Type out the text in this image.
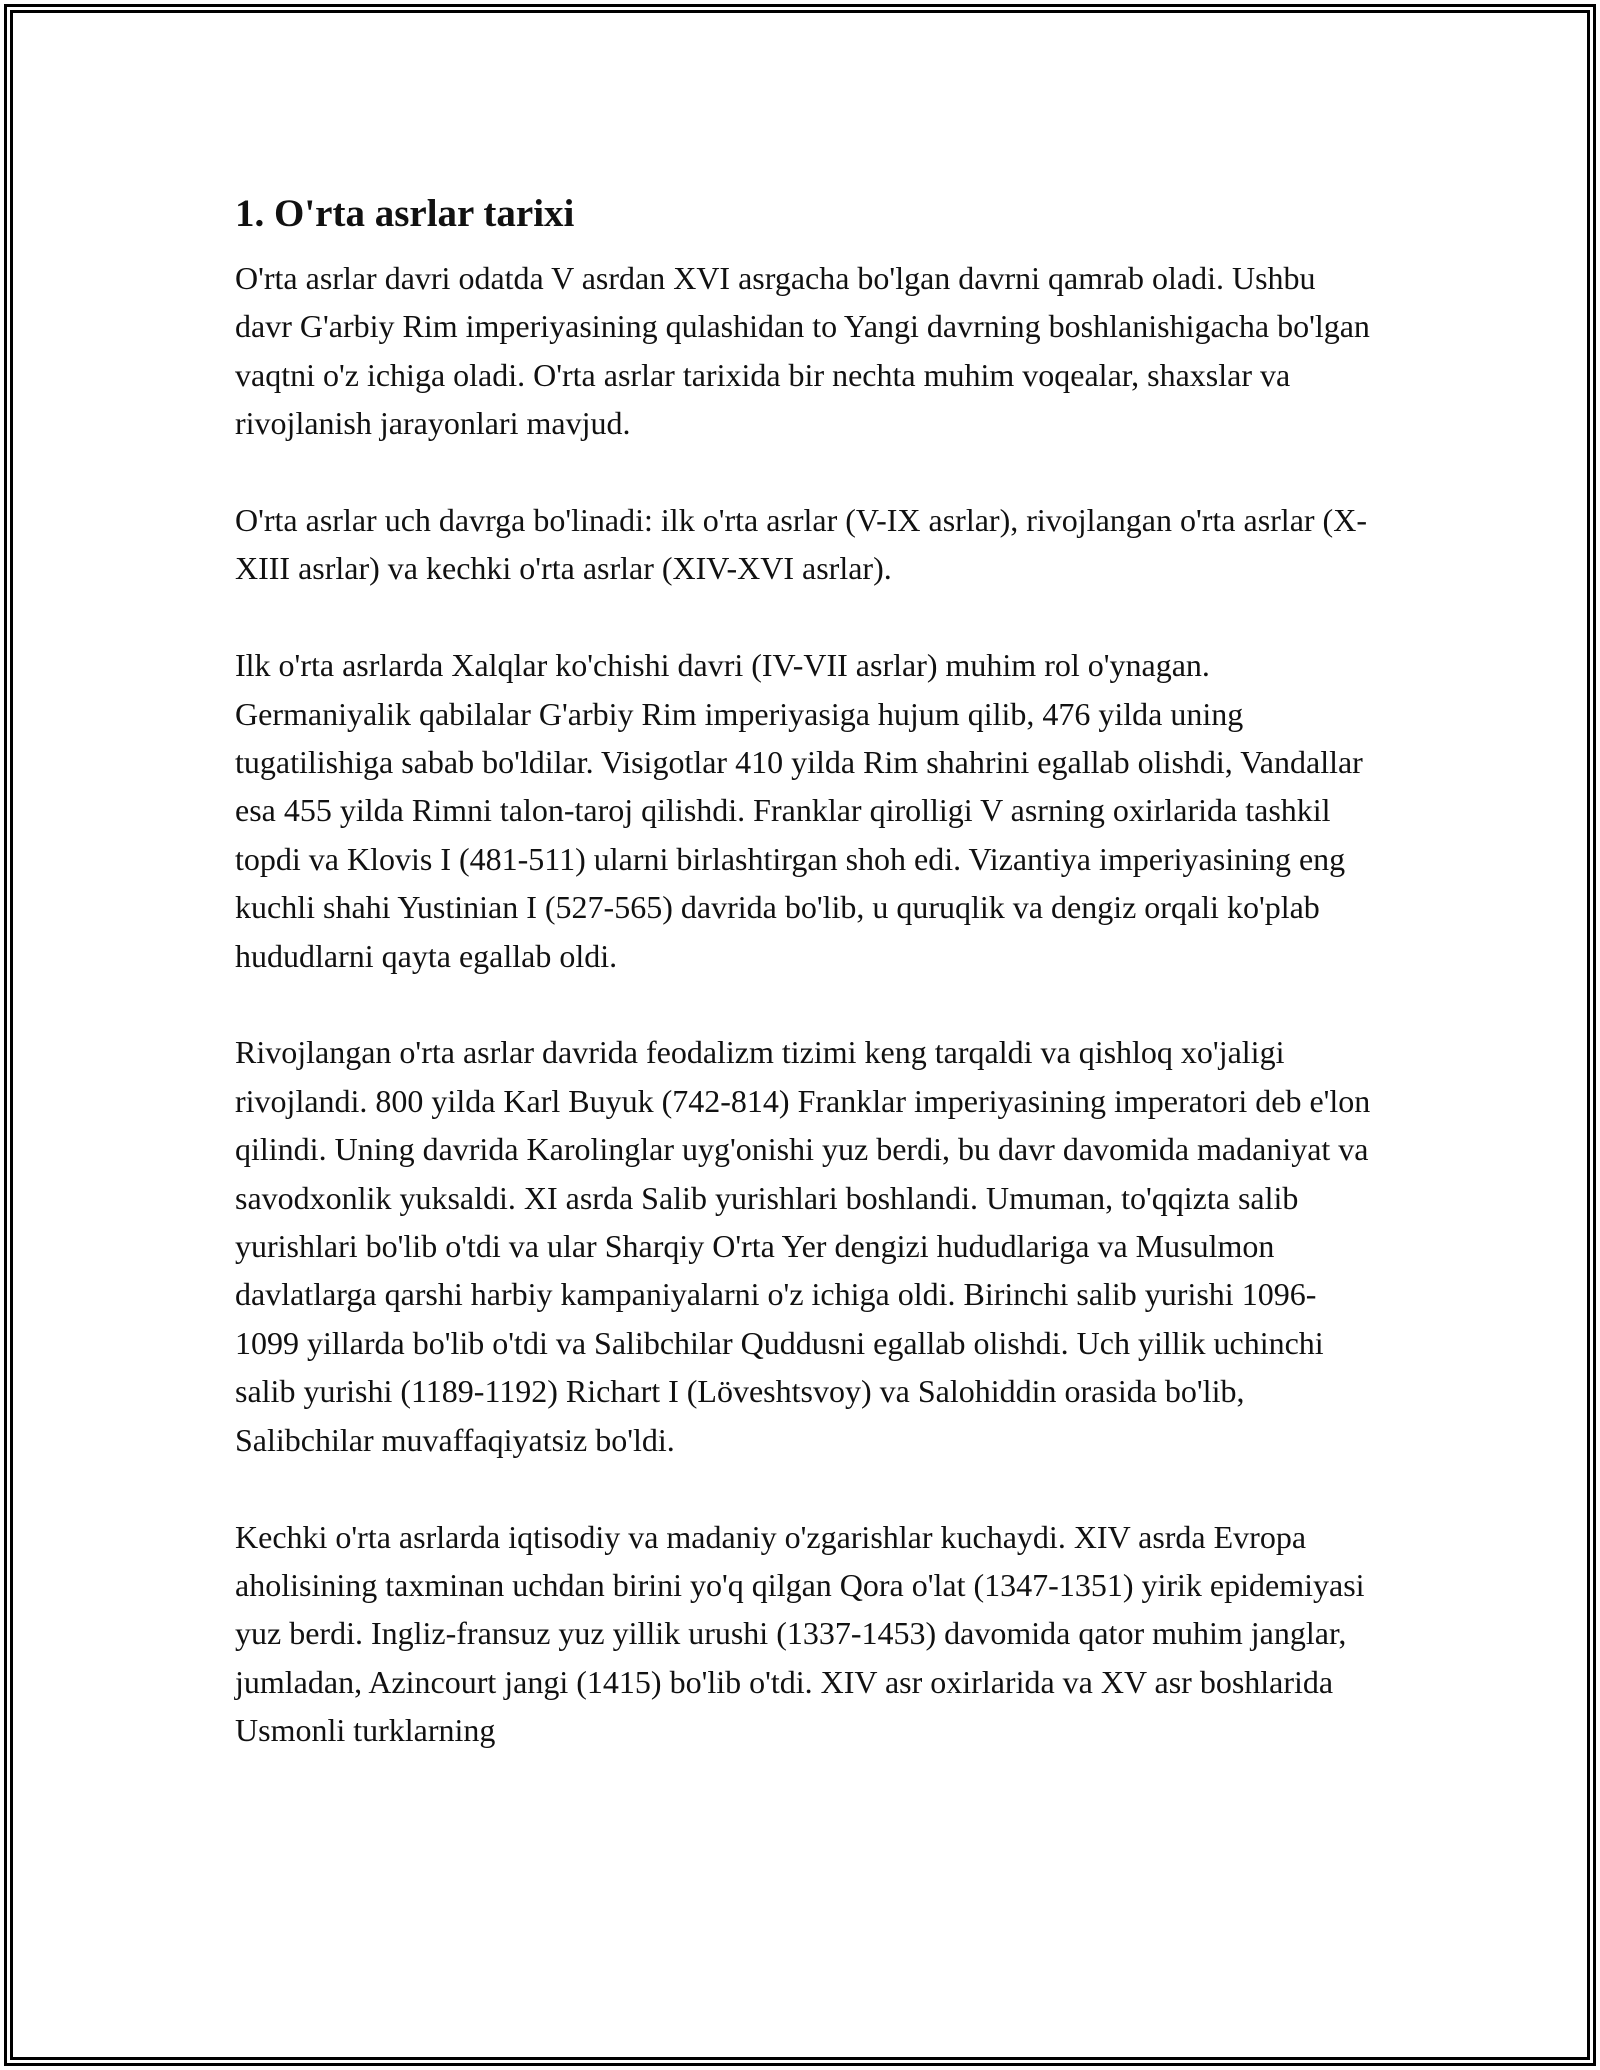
1. O'rta asrlar tarixi

O'rta asrlar davri odatda V asrdan XVI asrgacha bo'lgan davrni qamrab oladi. Ushbu davr G'arbiy Rim imperiyasining qulashidan to Yangi davrning boshlanishigacha bo'lgan vaqtni o'z ichiga oladi. O'rta asrlar tarixida bir nechta muhim voqealar, shaxslar va rivojlanish jarayonlari mavjud.

O'rta asrlar uch davrga bo'linadi: ilk o'rta asrlar (V-IX asrlar), rivojlangan o'rta asrlar (X-XIII asrlar) va kechki o'rta asrlar (XIV-XVI asrlar).

Ilk o'rta asrlarda Xalqlar ko'chishi davri (IV-VII asrlar) muhim rol o'ynagan. Germaniyalik qabilalar G'arbiy Rim imperiyasiga hujum qilib, 476 yilda uning tugatilishiga sabab bo'ldilar. Visigotlar 410 yilda Rim shahrini egallab olishdi, Vandallar esa 455 yilda Rimni talon-taroj qilishdi. Franklar qirolligi V asrning oxirlarida tashkil topdi va Klovis I (481-511) ularni birlashtirgan shoh edi. Vizantiya imperiyasining eng kuchli shahi Yustinian I (527-565) davrida bo'lib, u quruqlik va dengiz orqali ko'plab hududlarni qayta egallab oldi.

Rivojlangan o'rta asrlar davrida feodalizm tizimi keng tarqaldi va qishloq xo'jaligi rivojlandi. 800 yilda Karl Buyuk (742-814) Franklar imperiyasining imperatori deb e'lon qilindi. Uning davrida Karolinglar uyg'onishi yuz berdi, bu davr davomida madaniyat va savodxonlik yuksaldi. XI asrda Salib yurishlari boshlandi. Umuman, to'qqizta salib yurishlari bo'lib o'tdi va ular Sharqiy O'rta Yer dengizi hududlariga va Musulmon davlatlarga qarshi harbiy kampaniyalarni o'z ichiga oldi. Birinchi salib yurishi 1096-1099 yillarda bo'lib o'tdi va Salibchilar Quddusni egallab olishdi. Uch yillik uchinchi salib yurishi (1189-1192) Richart I (Löveshtsvoy) va Salohiddin orasida bo'lib, Salibchilar muvaffaqiyatsiz bo'ldi.

Kechki o'rta asrlarda iqtisodiy va madaniy o'zgarishlar kuchaydi. XIV asrda Evropa aholisining taxminan uchdan birini yo'q qilgan Qora o'lat (1347-1351) yirik epidemiyasi yuz berdi. Ingliz-fransuz yuz yillik urushi (1337-1453) davomida qator muhim janglar, jumladan, Azincourt jangi (1415) bo'lib o'tdi. XIV asr oxirlarida va XV asr boshlarida Usmonli turklarning
